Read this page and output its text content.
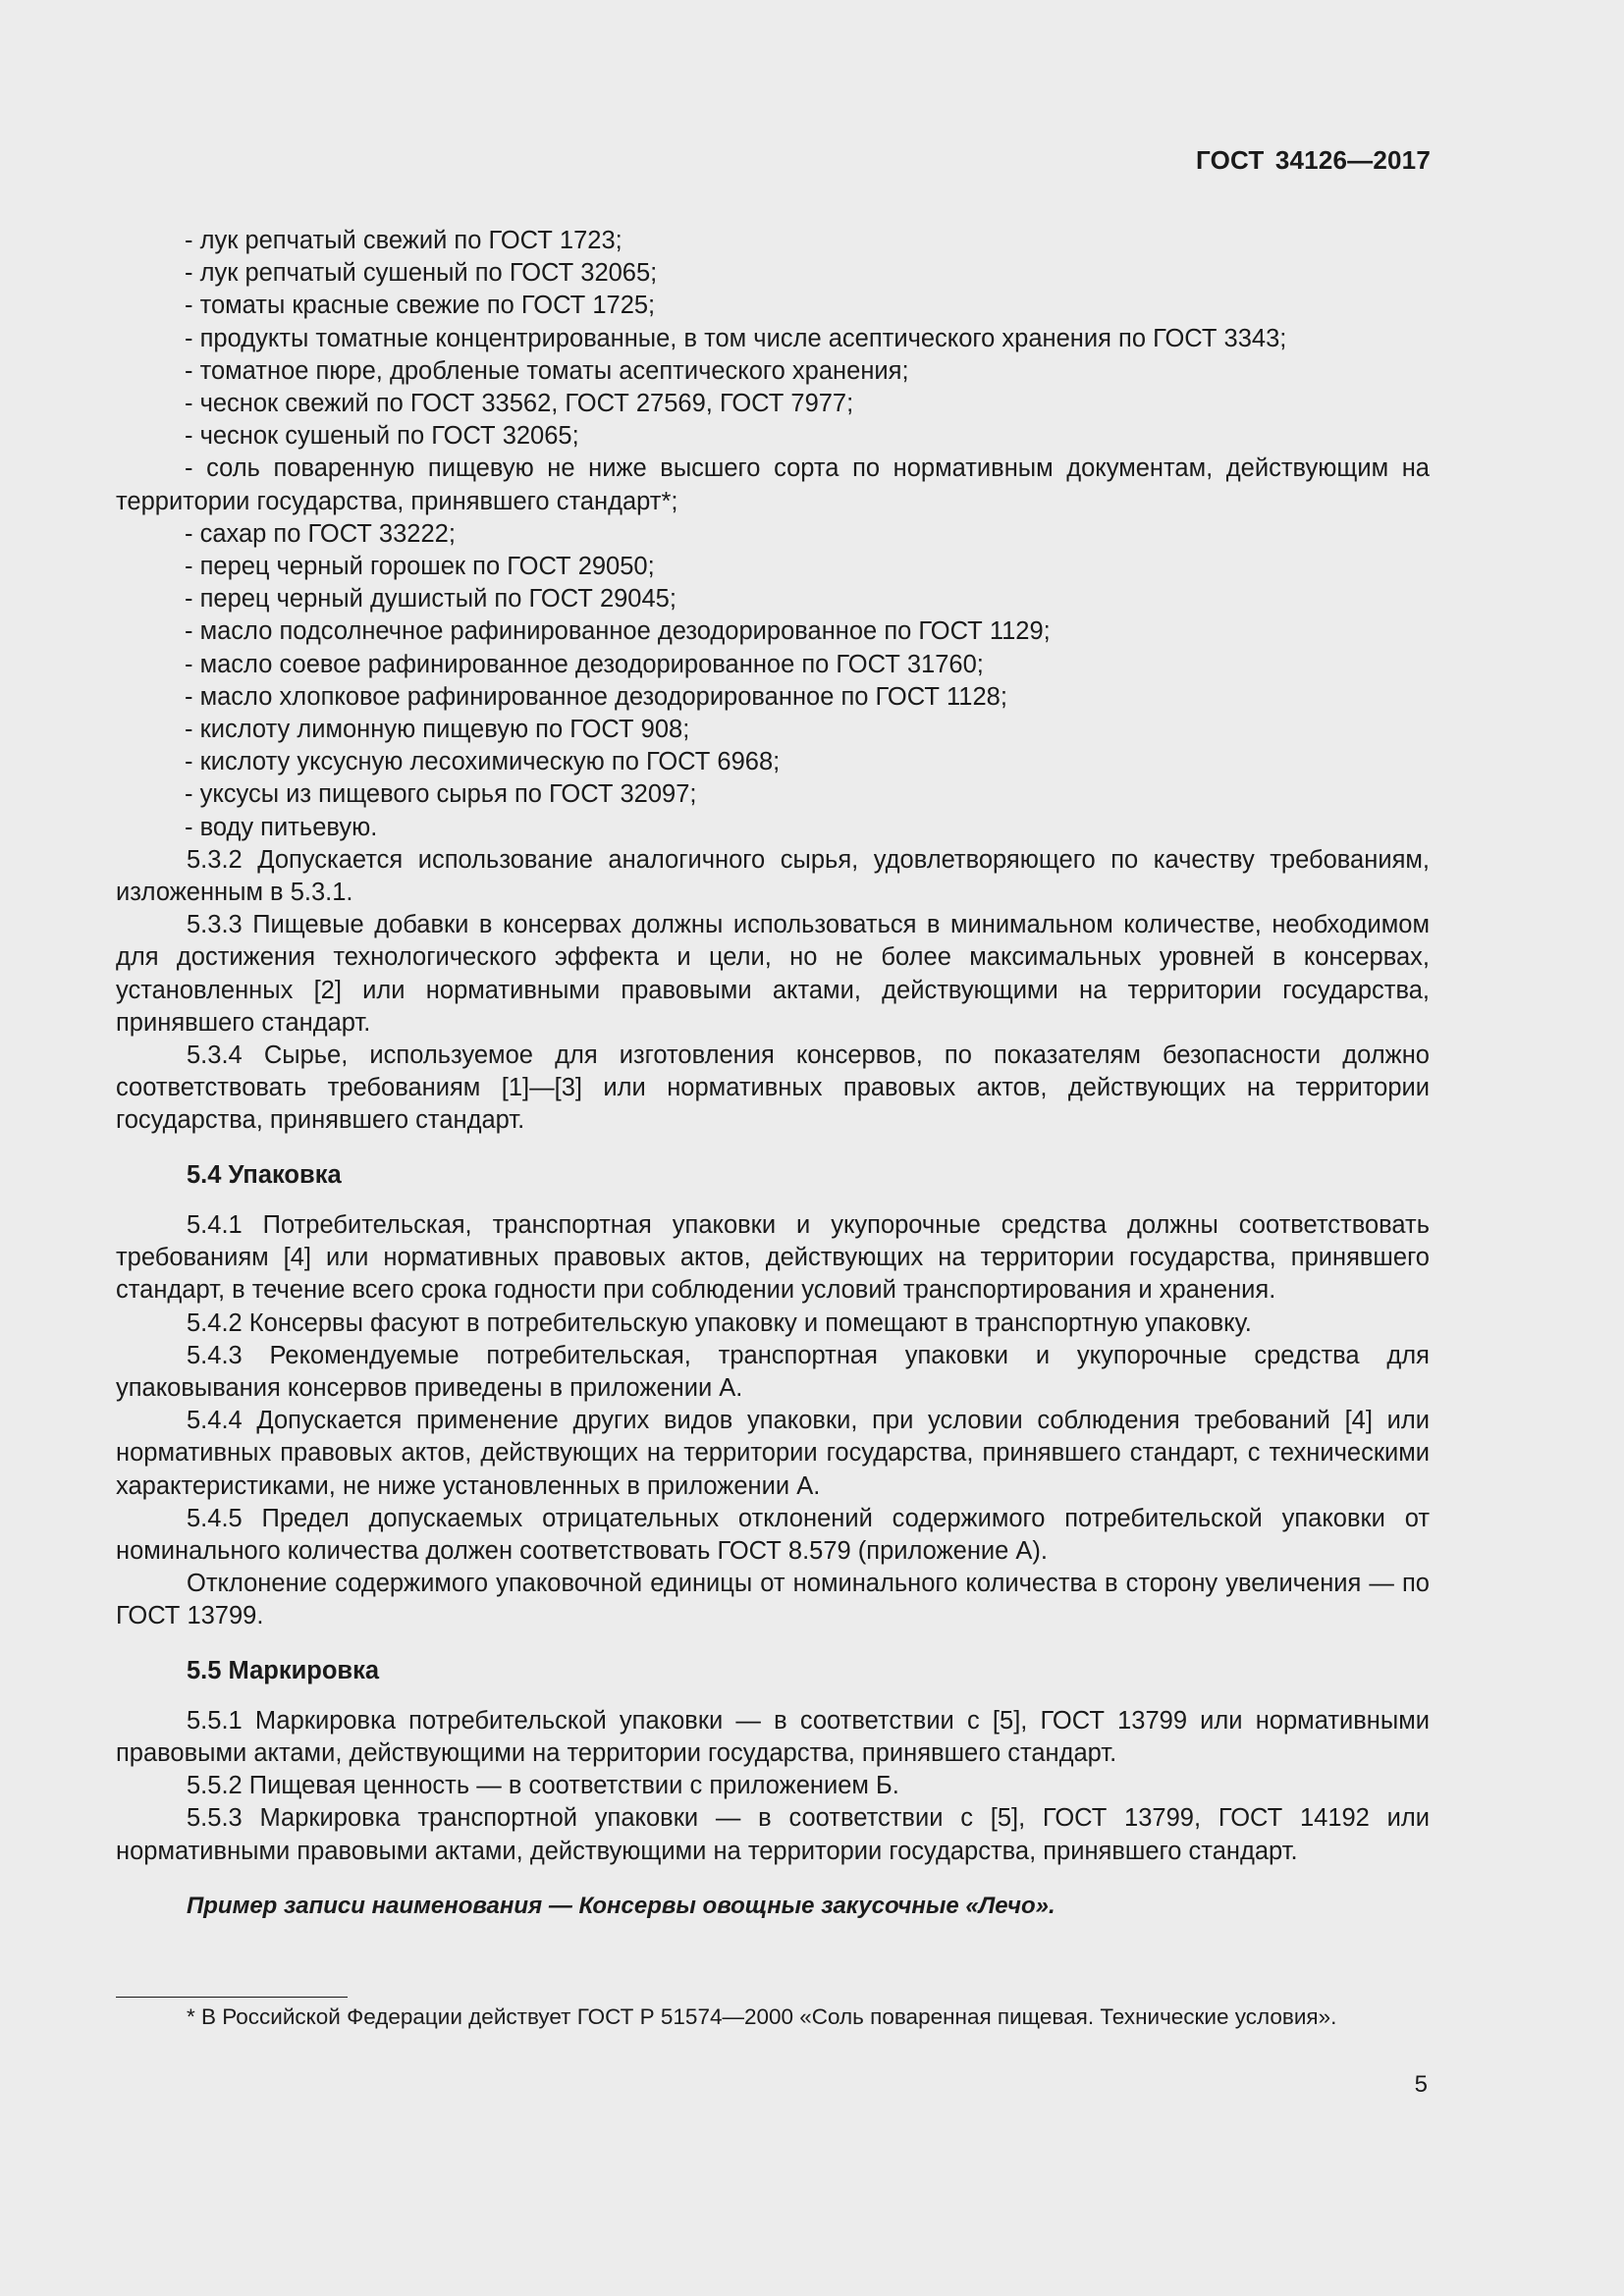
ГОСТ 34126—2017

- лук репчатый свежий по ГОСТ 1723;

- лук репчатый сушеный по ГОСТ 32065;

- томаты красные свежие по ГОСТ 1725;

- продукты томатные концентрированные, в том числе асептического хранения по ГОСТ 3343;

- томатное пюре, дробленые томаты асептического хранения;

- чеснок свежий по ГОСТ 33562, ГОСТ 27569, ГОСТ 7977;

- чеснок сушеный по ГОСТ 32065;

- соль поваренную пищевую не ниже высшего сорта по нормативным документам, действующим на территории государства, принявшего стандарт*;

- сахар по ГОСТ 33222;

- перец черный горошек по ГОСТ 29050;

- перец черный душистый по ГОСТ 29045;

- масло подсолнечное рафинированное дезодорированное по ГОСТ 1129;

- масло соевое рафинированное дезодорированное по ГОСТ 31760;

- масло хлопковое рафинированное дезодорированное по ГОСТ 1128;

- кислоту лимонную пищевую по ГОСТ 908;

- кислоту уксусную лесохимическую по ГОСТ 6968;

- уксусы из пищевого сырья по ГОСТ 32097;

- воду питьевую.

5.3.2 Допускается использование аналогичного сырья, удовлетворяющего по качеству требованиям, изложенным в 5.3.1.

5.3.3 Пищевые добавки в консервах должны использоваться в минимальном количестве, необходимом для достижения технологического эффекта и цели, но не более максимальных уровней в консервах, установленных [2] или нормативными правовыми актами, действующими на территории государства, принявшего стандарт.

5.3.4 Сырье, используемое для изготовления консервов, по показателям безопасности должно соответствовать требованиям [1]—[3] или нормативных правовых актов, действующих на территории государства, принявшего стандарт.

5.4 Упаковка

5.4.1 Потребительская, транспортная упаковки и укупорочные средства должны соответствовать требованиям [4] или нормативных правовых актов, действующих на территории государства, принявшего стандарт, в течение всего срока годности при соблюдении условий транспортирования и хранения.

5.4.2 Консервы фасуют в потребительскую упаковку и помещают в транспортную упаковку.

5.4.3 Рекомендуемые потребительская, транспортная упаковки и укупорочные средства для упаковывания консервов приведены в приложении А.

5.4.4 Допускается применение других видов упаковки, при условии соблюдения требований [4] или нормативных правовых актов, действующих на территории государства, принявшего стандарт, с техническими характеристиками, не ниже установленных в приложении А.

5.4.5 Предел допускаемых отрицательных отклонений содержимого потребительской упаковки от номинального количества должен соответствовать ГОСТ 8.579 (приложение А).

Отклонение содержимого упаковочной единицы от номинального количества в сторону увеличения — по ГОСТ 13799.

5.5 Маркировка

5.5.1 Маркировка потребительской упаковки — в соответствии с [5], ГОСТ 13799 или нормативными правовыми актами, действующими на территории государства, принявшего стандарт.

5.5.2 Пищевая ценность — в соответствии с приложением Б.

5.5.3 Маркировка транспортной упаковки — в соответствии с [5], ГОСТ 13799, ГОСТ 14192 или нормативными правовыми актами, действующими на территории государства, принявшего стандарт.

Пример записи наименования — Консервы овощные закусочные «Лечо».

* В Российской Федерации действует ГОСТ Р 51574—2000 «Соль поваренная пищевая. Технические условия».

5
